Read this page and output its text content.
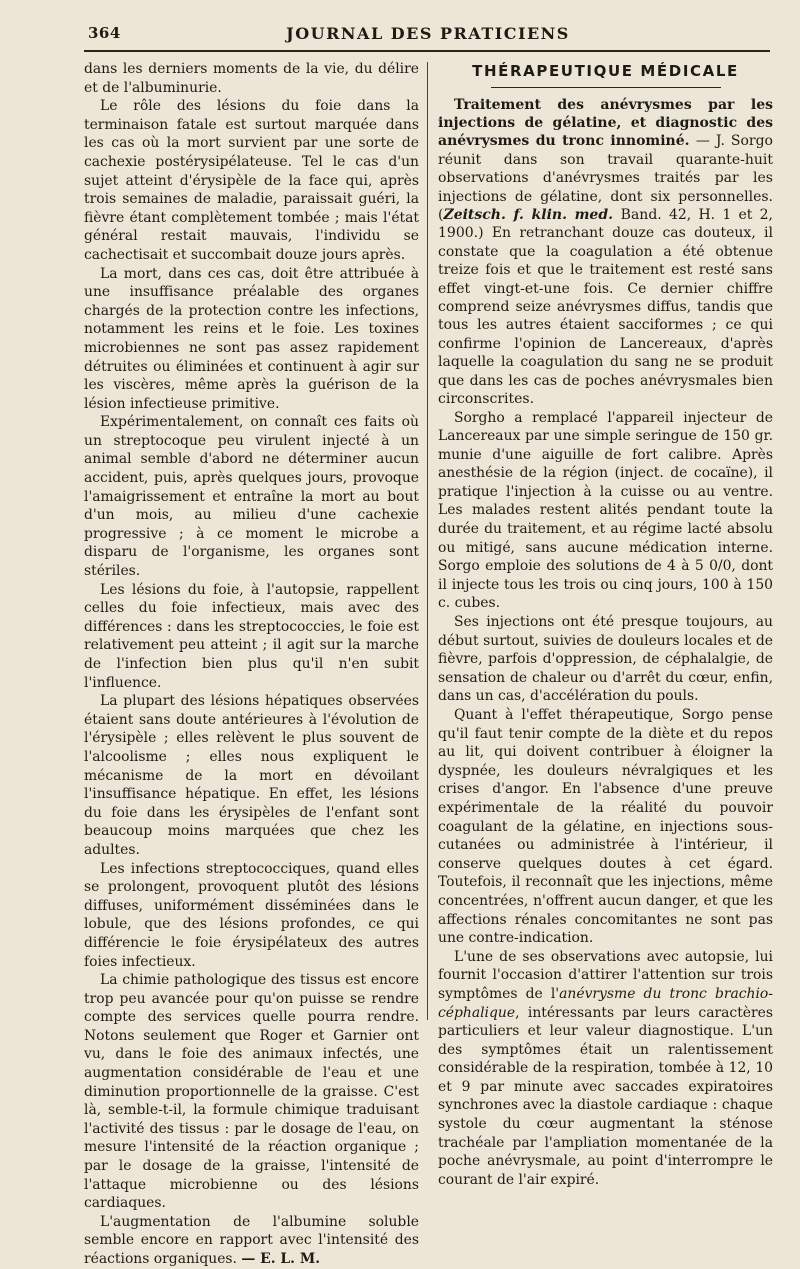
364	JOURNAL DES PRATICIENS

dans les derniers moments de la vie, du délire et de l'albuminurie.

Le rôle des lésions du foie dans la terminaison fatale est surtout marquée dans les cas où la mort survient par une sorte de cachexie postérysipélateuse. Tel le cas d'un sujet atteint d'érysipèle de la face qui, après trois semaines de maladie, paraissait guéri, la fièvre étant complètement tombée ; mais l'état général restait mauvais, l'individu se cachectisait et succombait douze jours après.

La mort, dans ces cas, doit être attribuée à une insuffisance préalable des organes chargés de la protection contre les infections, notamment les reins et le foie. Les toxines microbiennes ne sont pas assez rapidement détruites ou éliminées et continuent à agir sur les viscères, même après la guérison de la lésion infectieuse primitive.

Expérimentalement, on connaît ces faits où un streptocoque peu virulent injecté à un animal semble d'abord ne déterminer aucun accident, puis, après quelques jours, provoque l'amaigrissement et entraîne la mort au bout d'un mois, au milieu d'une cachexie progressive ; à ce moment le microbe a disparu de l'organisme, les organes sont stériles.

Les lésions du foie, à l'autopsie, rappellent celles du foie infectieux, mais avec des différences : dans les streptococcies, le foie est relativement peu atteint ; il agit sur la marche de l'infection bien plus qu'il n'en subit l'influence.

La plupart des lésions hépatiques observées étaient sans doute antérieures à l'évolution de l'érysipèle ; elles relèvent le plus souvent de l'alcoolisme ; elles nous expliquent le mécanisme de la mort en dévoilant l'insuffisance hépatique. En effet, les lésions du foie dans les érysipèles de l'enfant sont beaucoup moins marquées que chez les adultes.

Les infections streptococciques, quand elles se prolongent, provoquent plutôt des lésions diffuses, uniformément disséminées dans le lobule, que des lésions profondes, ce qui différencie le foie érysipélateux des autres foies infectieux.

La chimie pathologique des tissus est encore trop peu avancée pour qu'on puisse se rendre compte des services quelle pourra rendre. Notons seulement que Roger et Garnier ont vu, dans le foie des animaux infectés, une augmentation considérable de l'eau et une diminution proportionnelle de la graisse. C'est là, semble-t-il, la formule chimique traduisant l'activité des tissus : par le dosage de l'eau, on mesure l'intensité de la réaction organique ; par le dosage de la graisse, l'intensité de l'attaque microbienne ou des lésions cardiaques.

L'augmentation de l'albumine soluble semble encore en rapport avec l'intensité des réactions organiques. — E. L. M.

THÉRAPEUTIQUE MÉDICALE

Traitement des anévrysmes par les injections de gélatine, et diagnostic des anévrysmes du tronc innominé. — J. Sorgo réunit dans son travail quarante-huit observations d'anévrysmes traités par les injections de gélatine, dont six personnelles. (Zeitsch. f. klin. med. Band. 42, H. 1 et 2, 1900.) En retranchant douze cas douteux, il constate que la coagulation a été obtenue treize fois et que le traitement est resté sans effet vingt-et-une fois. Ce dernier chiffre comprend seize anévrysmes diffus, tandis que tous les autres étaient sacciformes ; ce qui confirme l'opinion de Lancereaux, d'après laquelle la coagulation du sang ne se produit que dans les cas de poches anévrysmales bien circonscrites.

Sorgho a remplacé l'appareil injecteur de Lancereaux par une simple seringue de 150 gr. munie d'une aiguille de fort calibre. Après anesthésie de la région (inject. de cocaïne), il pratique l'injection à la cuisse ou au ventre. Les malades restent alités pendant toute la durée du traitement, et au régime lacté absolu ou mitigé, sans aucune médication interne. Sorgo emploie des solutions de 4 à 5 0/0, dont il injecte tous les trois ou cinq jours, 100 à 150 c. cubes.

Ses injections ont été presque toujours, au début surtout, suivies de douleurs locales et de fièvre, parfois d'oppression, de céphalalgie, de sensation de chaleur ou d'arrêt du cœur, enfin, dans un cas, d'accélération du pouls.

Quant à l'effet thérapeutique, Sorgo pense qu'il faut tenir compte de la diète et du repos au lit, qui doivent contribuer à éloigner la dyspnée, les douleurs névralgiques et les crises d'angor. En l'absence d'une preuve expérimentale de la réalité du pouvoir coagulant de la gélatine, en injections sous-cutanées ou administrée à l'intérieur, il conserve quelques doutes à cet égard. Toutefois, il reconnaît que les injections, même concentrées, n'offrent aucun danger, et que les affections rénales concomitantes ne sont pas une contre-indication.

L'une de ses observations avec autopsie, lui fournit l'occasion d'attirer l'attention sur trois symptômes de l'anévrysme du tronc brachio-céphalique, intéressants par leurs caractères particuliers et leur valeur diagnostique. L'un des symptômes était un ralentissement considérable de la respiration, tombée à 12, 10 et 9 par minute avec saccades expiratoires synchrones avec la diastole cardiaque : chaque systole du cœur augmentant la sténose trachéale par l'ampliation momentanée de la poche anévrysmale, au point d'interrompre le courant de l'air expiré.
